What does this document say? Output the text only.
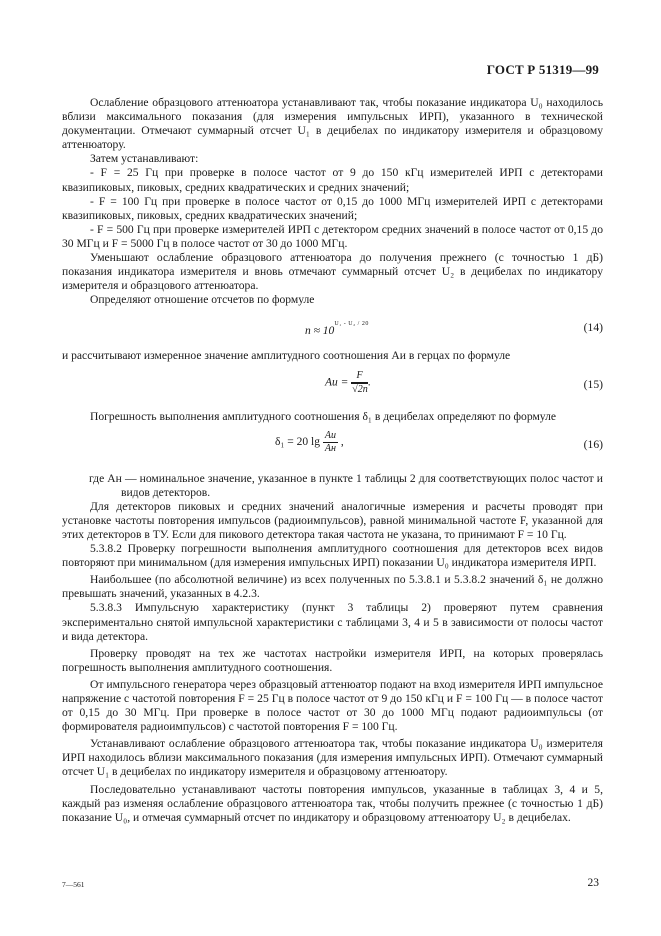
ГОСТ Р 51319—99

Ослабление образцового аттенюатора устанавливают так, чтобы показание индикатора U₀ находилось вблизи максимального показания (для измерения импульсных ИРП), указанного в технической документации. Отмечают суммарный отсчет U₁ в децибелах по индикатору измерителя и образцовому аттенюатору.

Затем устанавливают:

- F = 25 Гц при проверке в полосе частот от 9 до 150 кГц измерителей ИРП с детекторами квазипиковых, пиковых, средних квадратических и средних значений;

- F = 100 Гц при проверке в полосе частот от 0,15 до 1000 МГц измерителей ИРП с детекторами квазипиковых, пиковых, средних квадратических значений;

- F = 500 Гц при проверке измерителей ИРП с детектором средних значений в полосе частот от 0,15 до 30 МГц и F = 5000 Гц в полосе частот от 30 до 1000 МГц.

Уменьшают ослабление образцового аттенюатора до получения прежнего (с точностью 1 дБ) показания индикатора измерителя и вновь отмечают суммарный отсчет U₂ в децибелах по индикатору измерителя и образцового аттенюатора.

Определяют отношение отсчетов по формуле

$n \approx 10^{U_1 - U_2 / 20}$	(14)

и рассчитывают измеренное значение амплитудного соотношения Aи в герцах по формуле

Aи = $\frac{F}{√2n}$ .	(15)

Погрешность выполнения амплитудного соотношения δ₁ в децибелах определяют по формуле

δ₁ = 20 $\lg \frac{Aи}{Aн}$ ,	(16)

где Aн — номинальное значение, указанное в пункте 1 таблицы 2 для соответствующих полос частот и видов детекторов.

Для детекторов пиковых и средних значений аналогичные измерения и расчеты проводят при установке частоты повторения импульсов (радиоимпульсов), равной минимальной частоте F, указанной для этих детекторов в ТУ. Если для пикового детектора такая частота не указана, то принимают F = 10 Гц.

5.3.8.2 Проверку погрешности выполнения амплитудного соотношения для детекторов всех видов повторяют при минимальном (для измерения импульсных ИРП) показании U₀ индикатора измерителя ИРП.

Наибольшее (по абсолютной величине) из всех полученных по 5.3.8.1 и 5.3.8.2 значений δ₁ не должно превышать значений, указанных в 4.2.3.

5.3.8.3 Импульсную характеристику (пункт 3 таблицы 2) проверяют путем сравнения экспериментально снятой импульсной характеристики с таблицами 3, 4 и 5 в зависимости от полосы частот и вида детектора.

Проверку проводят на тех же частотах настройки измерителя ИРП, на которых проверялась погрешность выполнения амплитудного соотношения.

От импульсного генератора через образцовый аттенюатор подают на вход измерителя ИРП импульсное напряжение с частотой повторения F = 25 Гц в полосе частот от 9 до 150 кГц и F = 100 Гц — в полосе частот от 0,15 до 30 МГц. При проверке в полосе частот от 30 до 1000 МГц подают радиоимпульсы (от формирователя радиоимпульсов) с частотой повторения F = 100 Гц.

Устанавливают ослабление образцового аттенюатора так, чтобы показание индикатора U₀ измерителя ИРП находилось вблизи максимального показания (для измерения импульсных ИРП). Отмечают суммарный отсчет U₁ в децибелах по индикатору измерителя и образцовому аттенюатору.

Последовательно устанавливают частоты повторения импульсов, указанные в таблицах 3, 4 и 5, каждый раз изменяя ослабление образцового аттенюатора так, чтобы получить прежнее (с точностью 1 дБ) показание U₀, и отмечая суммарный отсчет по индикатору и образцовому аттенюатору U₂ в децибелах.

7—561	23
